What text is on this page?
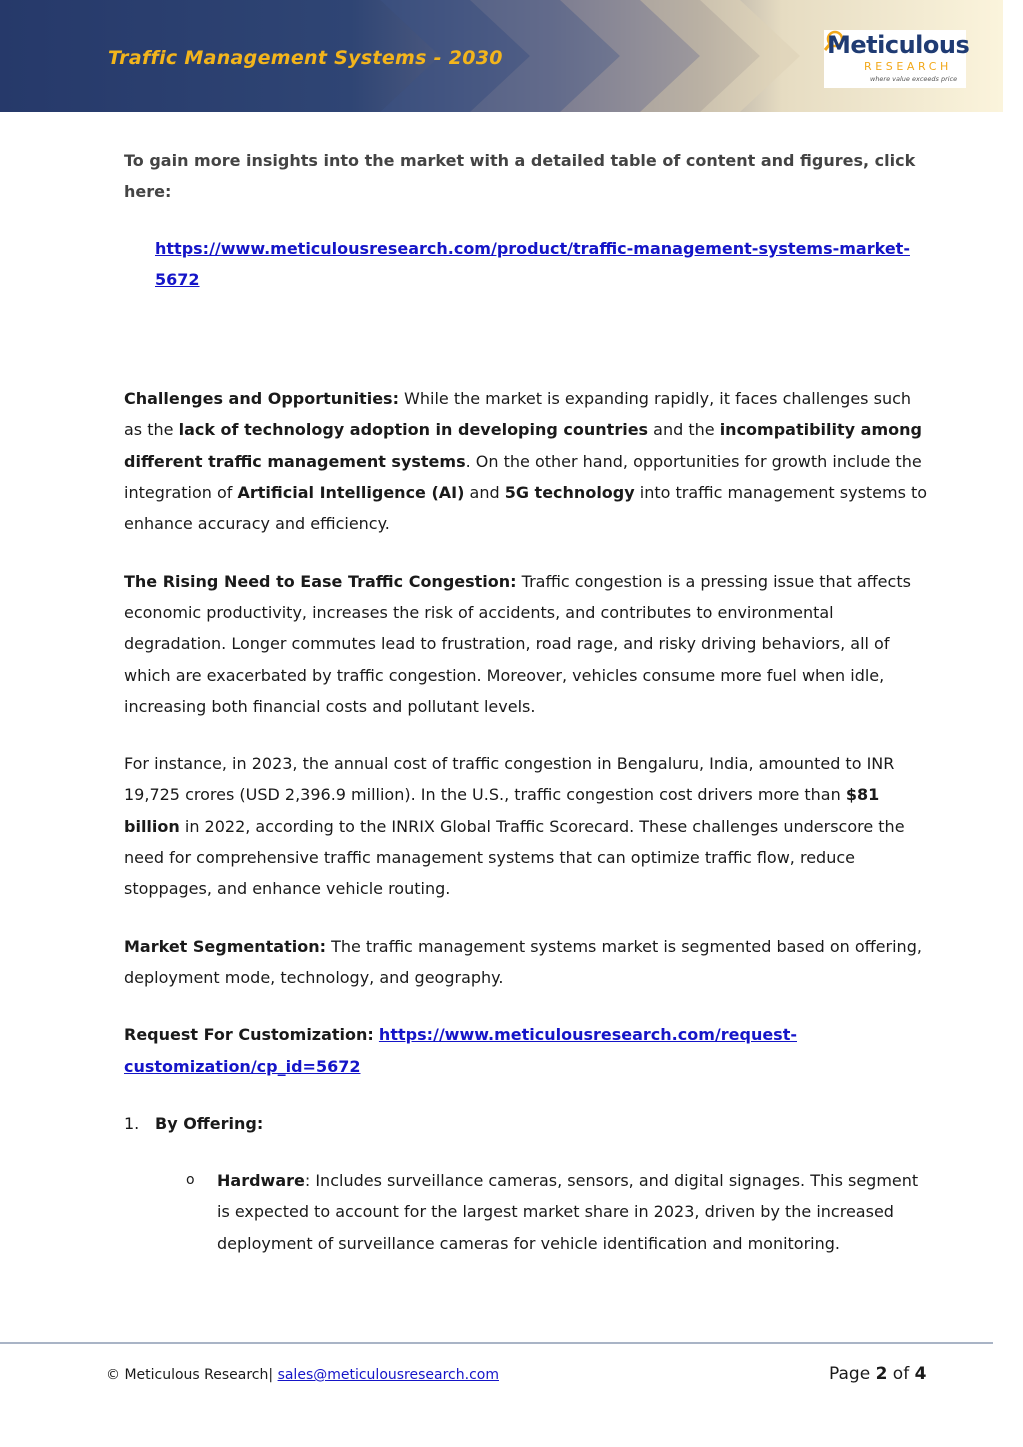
Traffic Management Systems - 2030	Meticulous
RESEARCH
where value exceeds price

To gain more insights into the market with a detailed table of content and figures, click here:

https://www.meticulousresearch.com/product/traffic-management-systems-market-5672

Challenges and Opportunities: While the market is expanding rapidly, it faces challenges such as the lack of technology adoption in developing countries and the incompatibility among different traffic management systems. On the other hand, opportunities for growth include the integration of Artificial Intelligence (AI) and 5G technology into traffic management systems to enhance accuracy and efficiency.

The Rising Need to Ease Traffic Congestion: Traffic congestion is a pressing issue that affects economic productivity, increases the risk of accidents, and contributes to environmental degradation. Longer commutes lead to frustration, road rage, and risky driving behaviors, all of which are exacerbated by traffic congestion. Moreover, vehicles consume more fuel when idle, increasing both financial costs and pollutant levels.

For instance, in 2023, the annual cost of traffic congestion in Bengaluru, India, amounted to INR 19,725 crores (USD 2,396.9 million). In the U.S., traffic congestion cost drivers more than $81 billion in 2022, according to the INRIX Global Traffic Scorecard. These challenges underscore the need for comprehensive traffic management systems that can optimize traffic flow, reduce stoppages, and enhance vehicle routing.

Market Segmentation: The traffic management systems market is segmented based on offering, deployment mode, technology, and geography.

Request For Customization: https://www.meticulousresearch.com/request-customization/cp_id=5672

1. By Offering:

o Hardware: Includes surveillance cameras, sensors, and digital signages. This segment is expected to account for the largest market share in 2023, driven by the increased deployment of surveillance cameras for vehicle identification and monitoring.

© Meticulous Research| sales@meticulousresearch.com	Page 2 of 4
